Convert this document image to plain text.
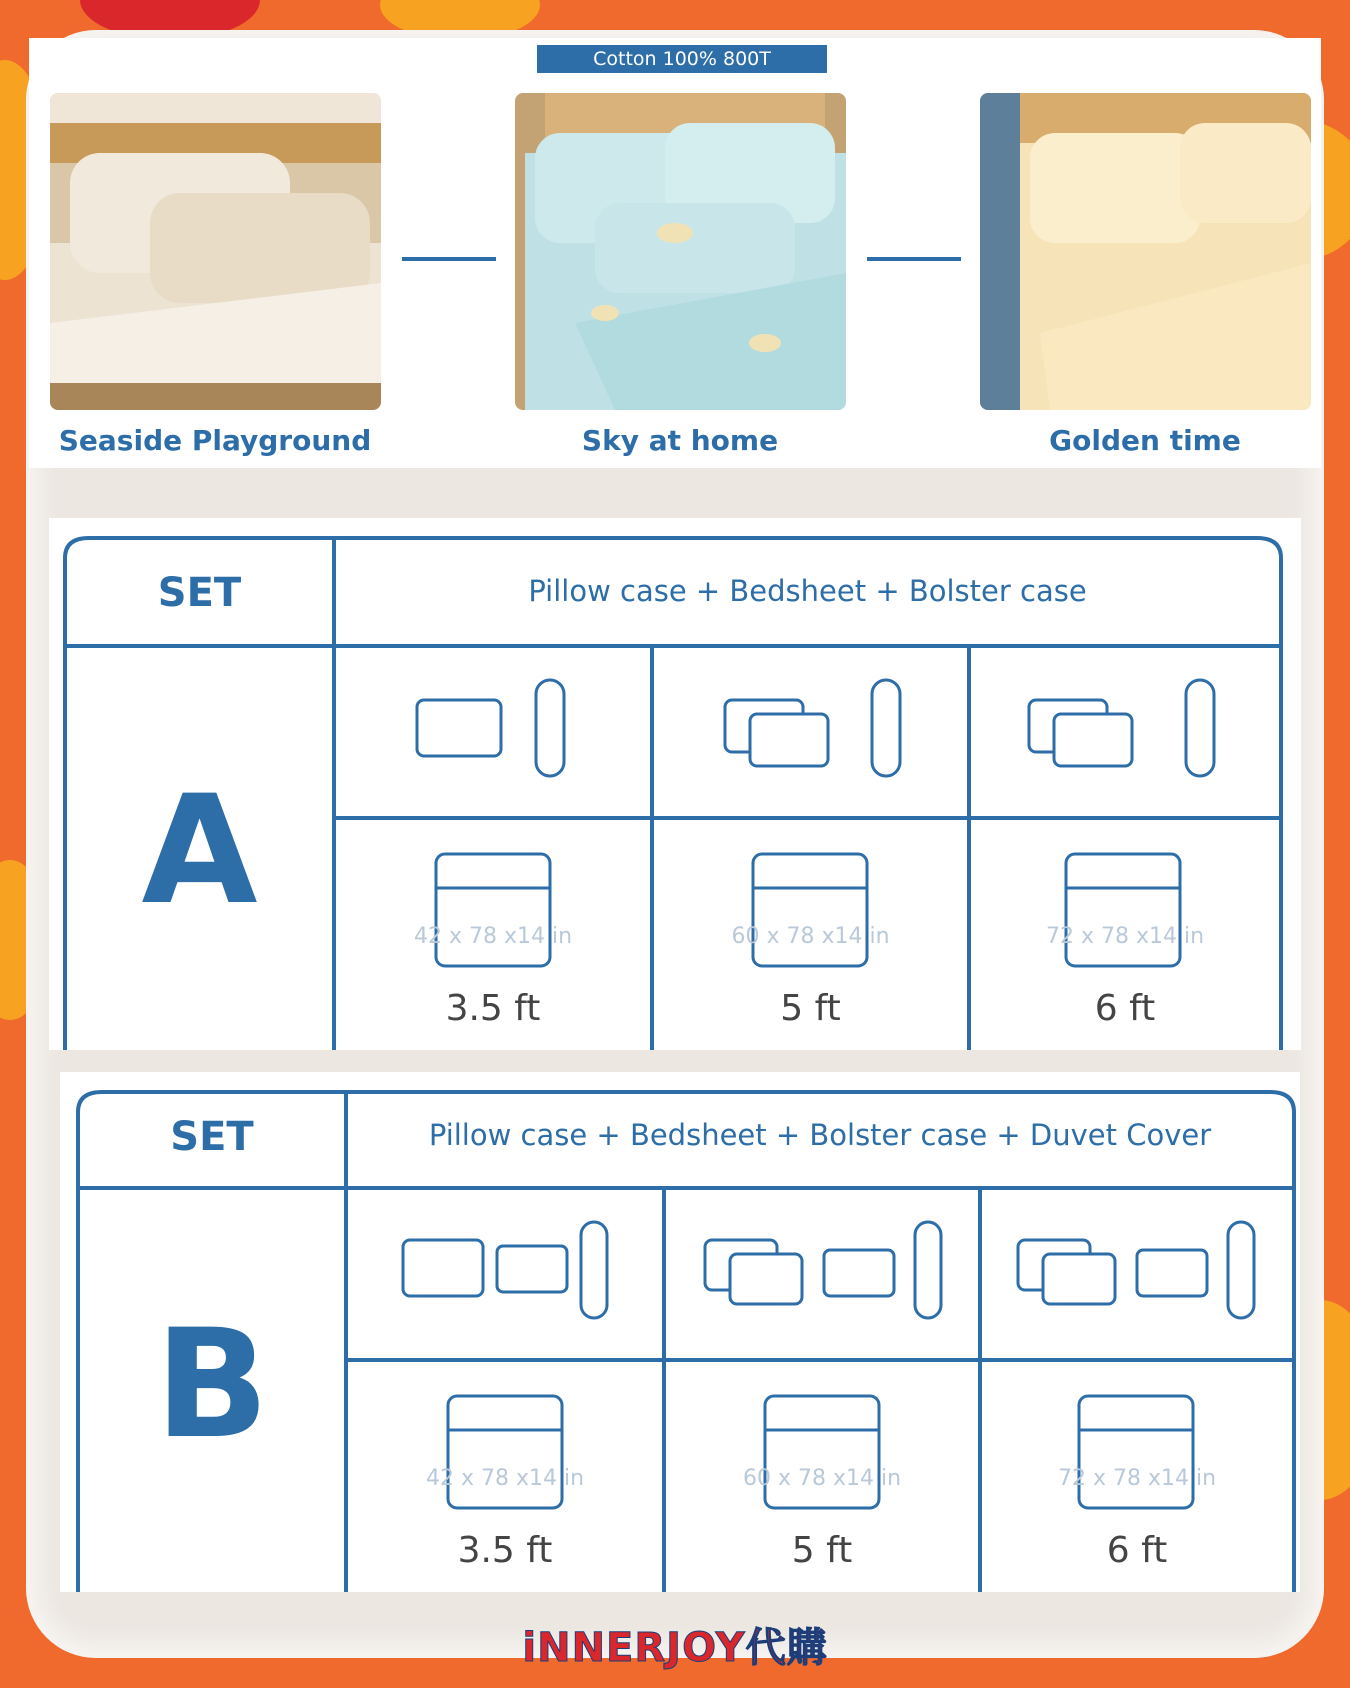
Cotton 100% 800T
Seaside Playground	Sky at home	Golden time
SET	Pillow case + Bedsheet + Bolster case
A	42 x 78 x14 in	60 x 78 x14 in	72 x 78 x14 in
3.5 ft	5 ft	6 ft
SET	Pillow case + Bedsheet + Bolster case + Duvet Cover
B
42 x 78 x14 in	60 x 78 x14 in	72 x 78 x14 in
3.5 ft	5 ft	6 ft
iNNERJOY代購
